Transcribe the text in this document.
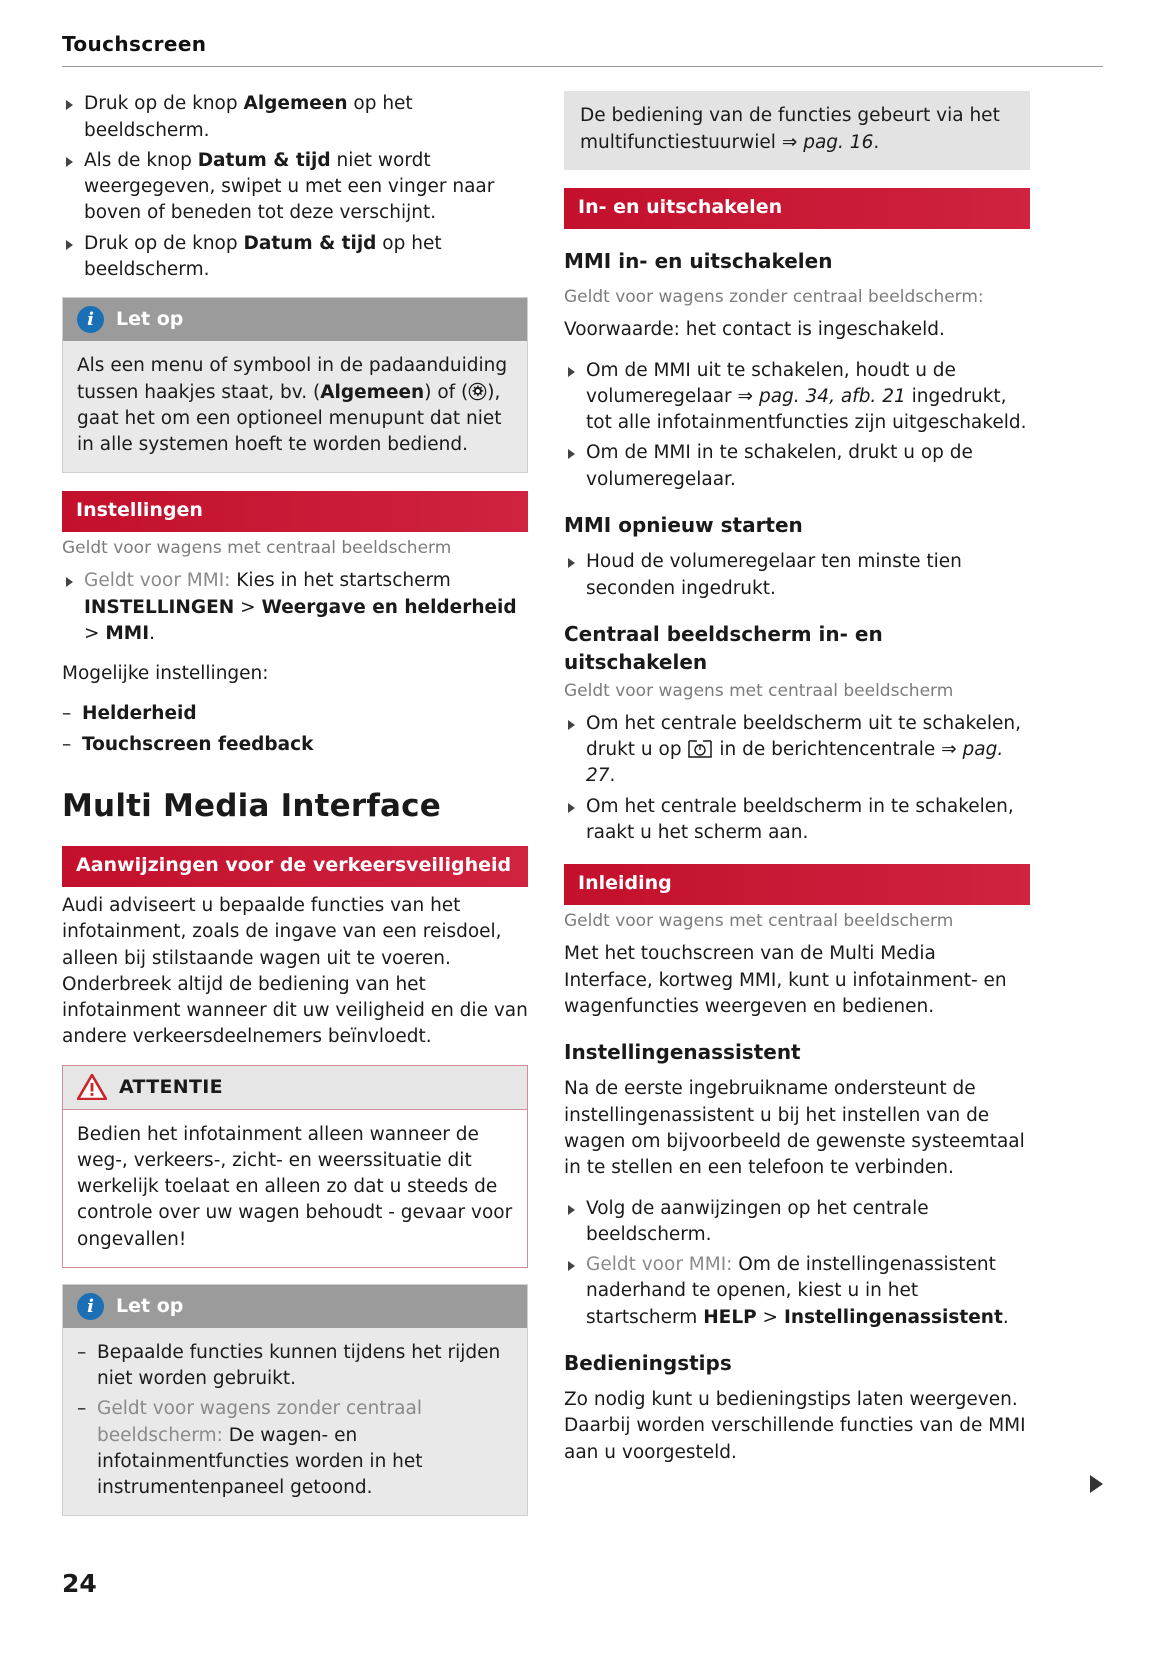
Touchscreen
Druk op de knop Algemeen op het beeldscherm.
Als de knop Datum & tijd niet wordt weergegeven, swipet u met een vinger naar boven of beneden tot deze verschijnt.
Druk op de knop Datum & tijd op het beeldscherm.
i	Let op

Als een menu of symbool in de padaanduiding tussen haakjes staat, bv. (Algemeen) of ( ), gaat het om een optioneel menupunt dat niet in alle systemen hoeft te worden bediend.

Instellingen
Geldt voor wagens met centraal beeldscherm
Geldt voor MMI: Kies in het startscherm INSTELLINGEN > Weergave en helderheid > MMI.

Mogelijke instellingen:

– Helderheid
– Touchscreen feedback
Multi Media Interface
Aanwijzingen voor de verkeersveiligheid

Audi adviseert u bepaalde functies van het infotainment, zoals de ingave van een reisdoel, alleen bij stilstaande wagen uit te voeren. Onderbreek altijd de bediening van het infotainment wanneer dit uw veiligheid en die van andere verkeersdeelnemers beïnvloedt.

ATTENTIE

Bedien het infotainment alleen wanneer de weg-, verkeers-, zicht- en weerssituatie dit werkelijk toelaat en alleen zo dat u steeds de controle over uw wagen behoudt - gevaar voor ongevallen!

i	Let op
– Bepaalde functies kunnen tijdens het rijden niet worden gebruikt.
– Geldt voor wagens zonder centraal beeldscherm: De wagen- en infotainmentfuncties worden in het instrumentenpaneel getoond.

De bediening van de functies gebeurt via het multifunctiestuurwiel ⇒ pag. 16.

In- en uitschakelen
MMI in- en uitschakelen

Geldt voor wagens zonder centraal beeldscherm:

Voorwaarde: het contact is ingeschakeld.

Om de MMI uit te schakelen, houdt u de volumeregelaar ⇒ pag. 34, afb. 21 ingedrukt, tot alle infotainmentfuncties zijn uitgeschakeld.
Om de MMI in te schakelen, drukt u op de volumeregelaar.
MMI opnieuw starten
Houd de volumeregelaar ten minste tien seconden ingedrukt.
Centraal beeldscherm in- en uitschakelen

Geldt voor wagens met centraal beeldscherm

Om het centrale beeldscherm uit te schakelen, drukt u op  in de berichtencentrale ⇒ pag. 27.
Om het centrale beeldscherm in te schakelen, raakt u het scherm aan.
Inleiding
Geldt voor wagens met centraal beeldscherm

Met het touchscreen van de Multi Media Interface, kortweg MMI, kunt u infotainment- en wagenfuncties weergeven en bedienen.

Instellingenassistent

Na de eerste ingebruikname ondersteunt de instellingenassistent u bij het instellen van de wagen om bijvoorbeeld de gewenste systeemtaal in te stellen en een telefoon te verbinden.

Volg de aanwijzingen op het centrale beeldscherm.
Geldt voor MMI: Om de instellingenassistent naderhand te openen, kiest u in het startscherm HELP > Instellingenassistent.
Bedieningstips

Zo nodig kunt u bedieningstips laten weergeven. Daarbij worden verschillende functies van de MMI aan u voorgesteld.

24
